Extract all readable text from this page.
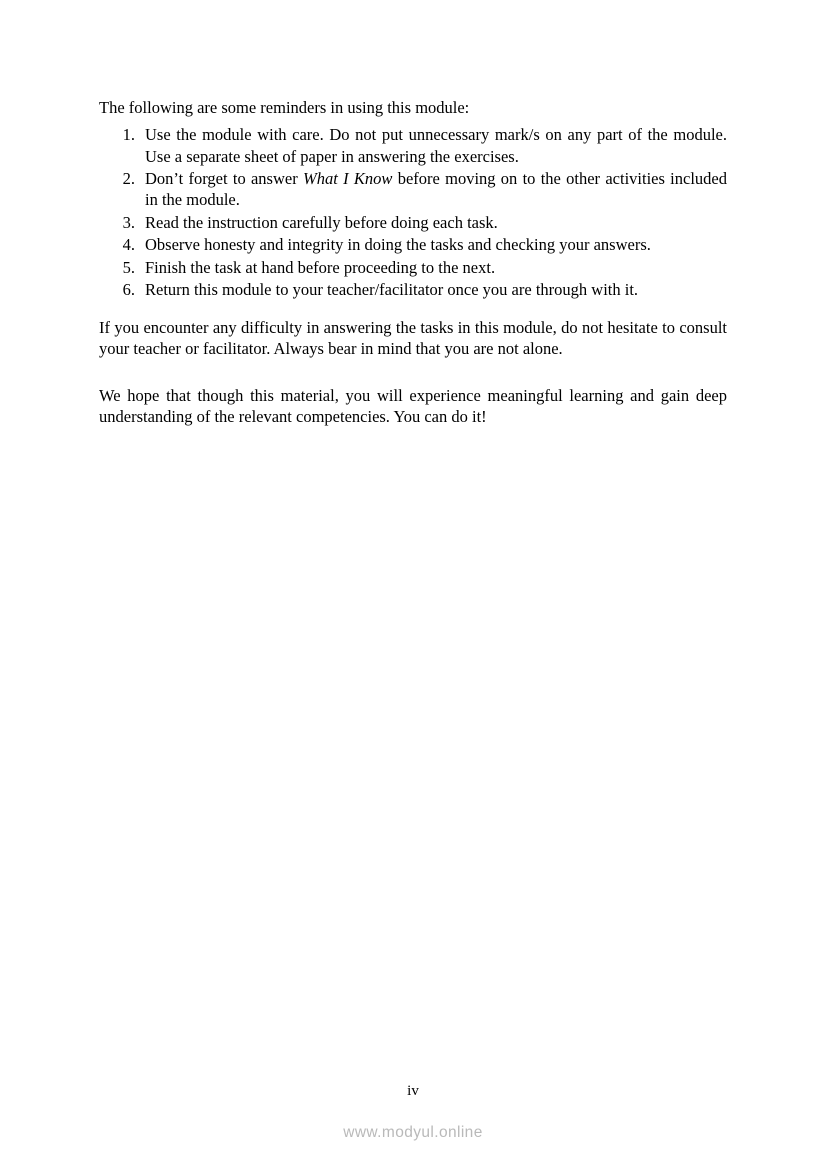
The following are some reminders in using this module:

1. Use the module with care. Do not put unnecessary mark/s on any part of the module. Use a separate sheet of paper in answering the exercises.
2. Don’t forget to answer What I Know before moving on to the other activities included in the module.
3. Read the instruction carefully before doing each task.
4. Observe honesty and integrity in doing the tasks and checking your answers.
5. Finish the task at hand before proceeding to the next.
6. Return this module to your teacher/facilitator once you are through with it.

If you encounter any difficulty in answering the tasks in this module, do not hesitate to consult your teacher or facilitator. Always bear in mind that you are not alone.

We hope that though this material, you will experience meaningful learning and gain deep understanding of the relevant competencies. You can do it!

iv
www.modyul.online
